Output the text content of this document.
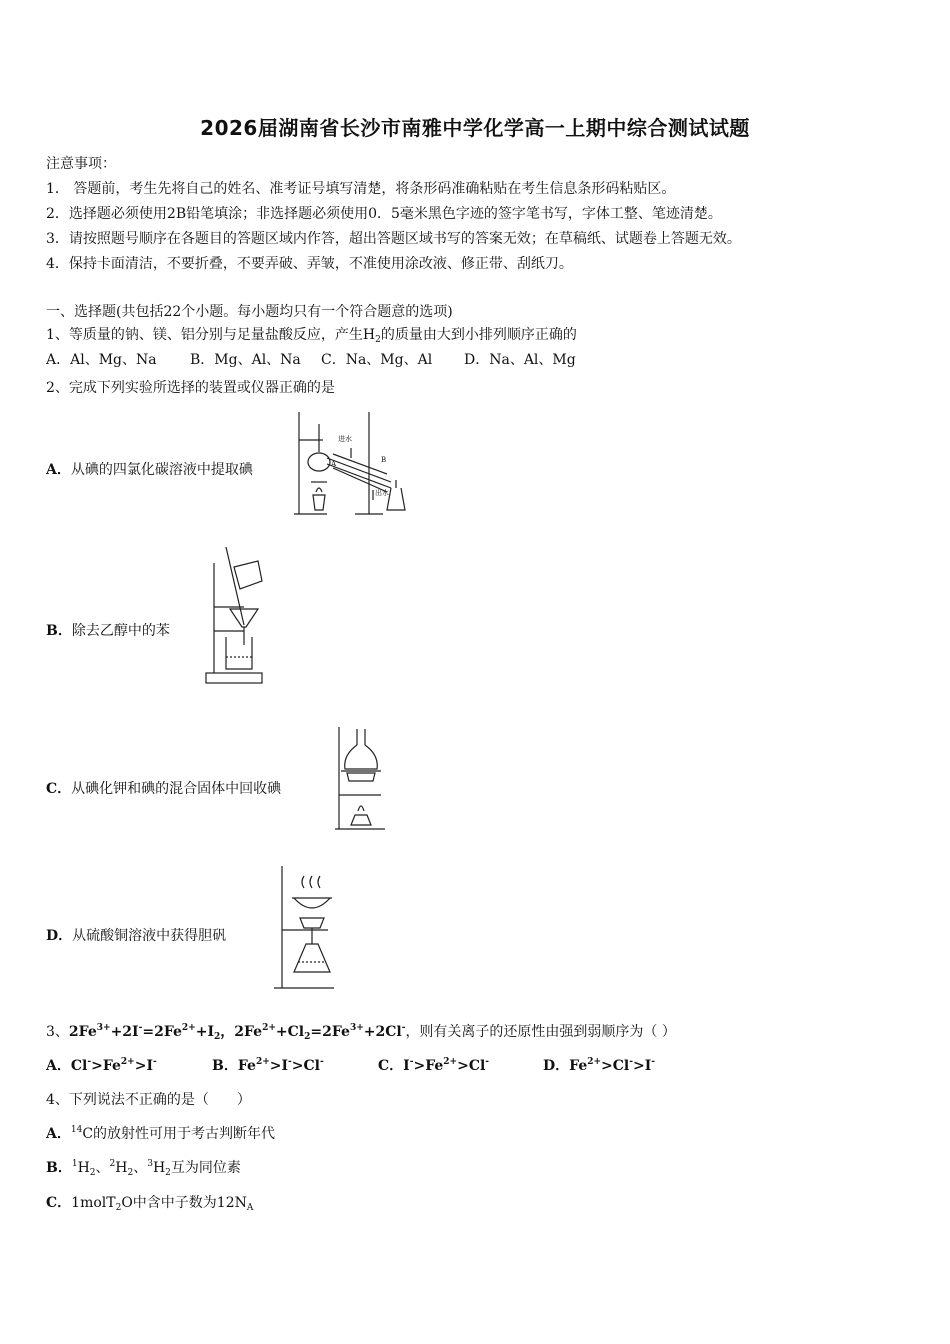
2026届湖南省长沙市南雅中学化学高一上期中综合测试试题
注意事项：
1． 答题前，考生先将自己的姓名、准考证号填写清楚，将条形码准确粘贴在考生信息条形码粘贴区。
2．选择题必须使用2B铅笔填涂；非选择题必须使用0．5毫米黑色字迹的签字笔书写，字体工整、笔迹清楚。
3．请按照题号顺序在各题目的答题区域内作答，超出答题区域书写的答案无效；在草稿纸、试题卷上答题无效。
4．保持卡面清洁，不要折叠，不要弄破、弄皱，不准使用涂改液、修正带、刮纸刀。
一、选择题(共包括22个小题。每小题均只有一个符合题意的选项)
1、等质量的钠、镁、铝分别与足量盐酸反应，产生$H_2$的质量由大到小排列顺序正确的
A．Al、Mg、Na B．Mg、Al、Na C．Na、Mg、Al D．Na、Al、Mg
2、完成下列实验所选择的装置或仪器正确的是
A．从碘的四氯化碳溶液中提取碘
进水
出水
A	B
B．除去乙醇中的苯
C．从碘化钾和碘的混合固体中回收碘
D．从硫酸铜溶液中获得胆矾
3、$2Fe^{3+}+2I^-=2Fe^{2+}+I_2$，$2Fe^{2+}+Cl_2=2Fe^{3+}+2Cl^-$，则有关离子的还原性由强到弱顺序为（ ）
A．$Cl^->Fe^{2+}>I^-$	B．$Fe^{2+}>I^->Cl^-$	C．$I^->Fe^{2+}>Cl^-$	D．$Fe^{2+}>Cl^->I^-$
4、下列说法不正确的是（　　）
A．$^{14}$C的放射性可用于考古判断年代
B．$^1H_2$、$^2H_2$、$^3H_2$互为同位素
C．1molT$_2$O中含中子数为$12N_A$
